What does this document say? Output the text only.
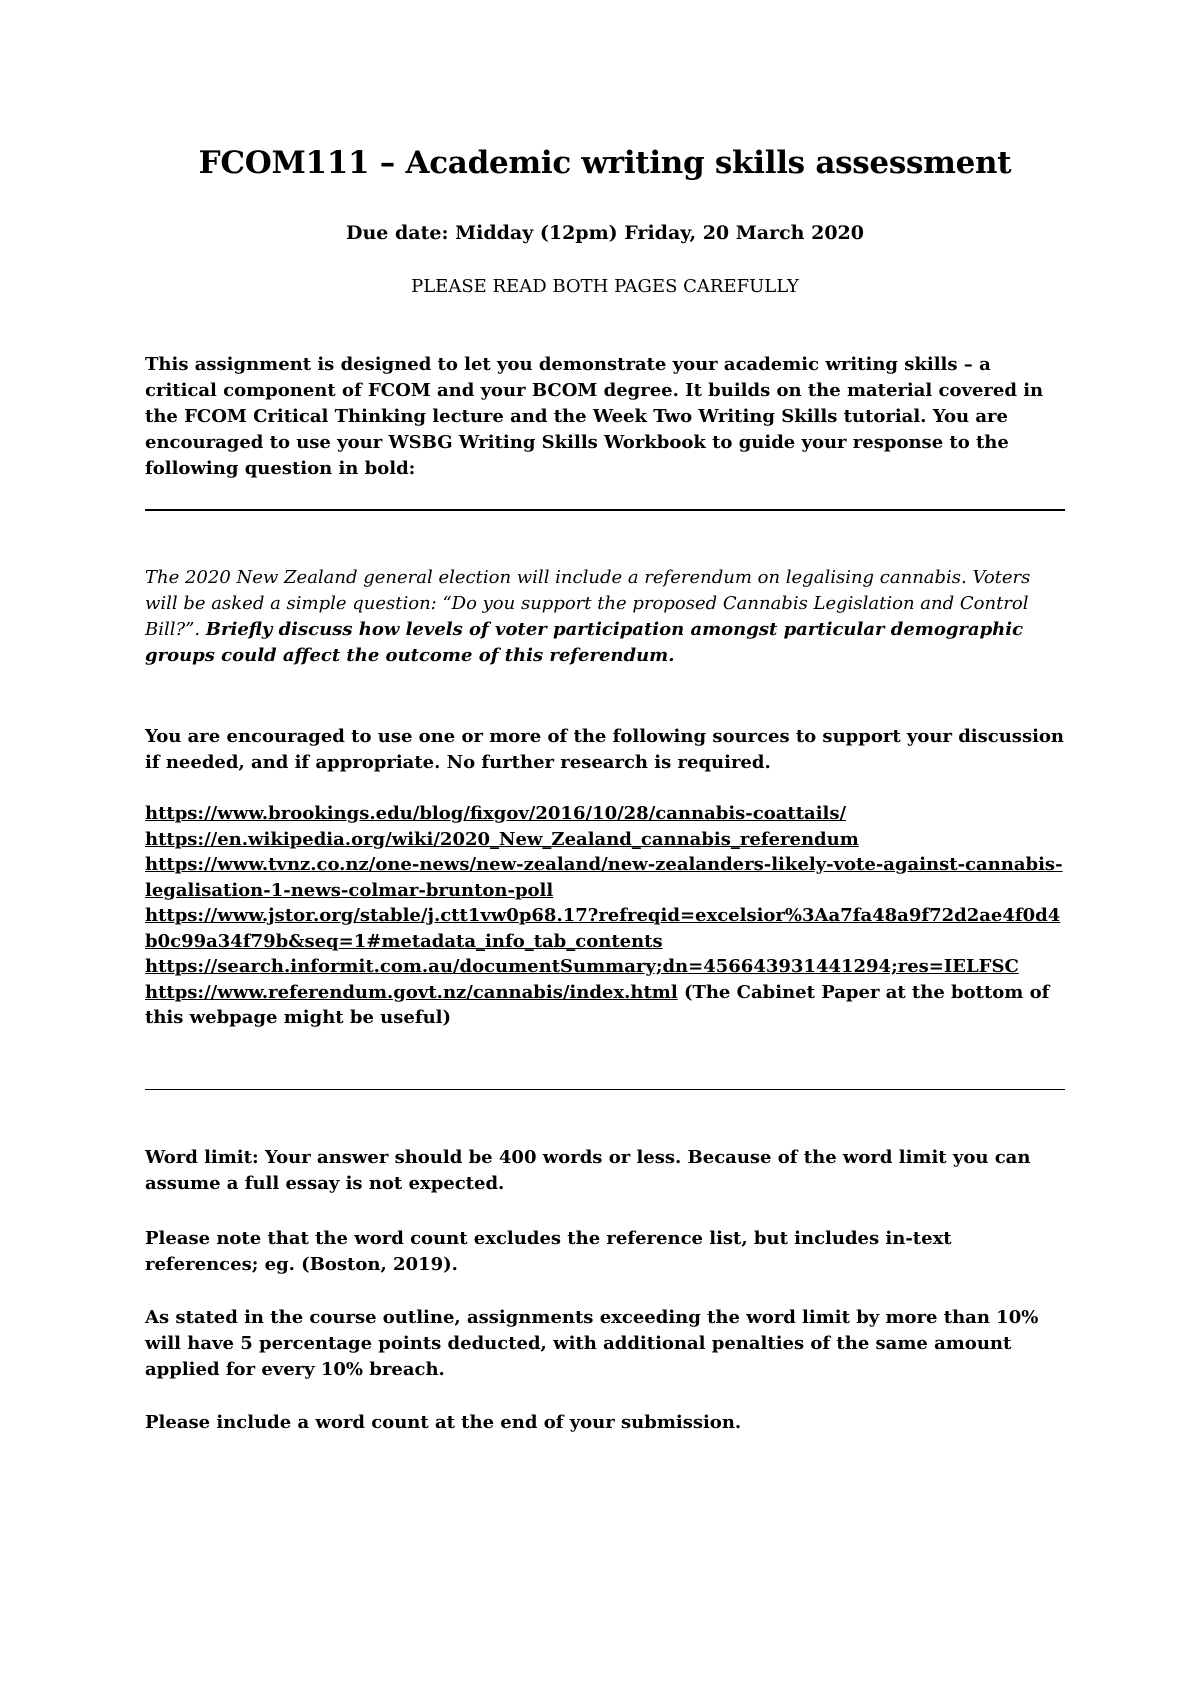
FCOM111 – Academic writing skills assessment

Due date: Midday (12pm) Friday, 20 March 2020

PLEASE READ BOTH PAGES CAREFULLY

This assignment is designed to let you demonstrate your academic writing skills – a critical component of FCOM and your BCOM degree. It builds on the material covered in the FCOM Critical Thinking lecture and the Week Two Writing Skills tutorial. You are encouraged to use your WSBG Writing Skills Workbook to guide your response to the following question in bold:

The 2020 New Zealand general election will include a referendum on legalising cannabis. Voters will be asked a simple question: “Do you support the proposed Cannabis Legislation and Control Bill?”. Briefly discuss how levels of voter participation amongst particular demographic groups could affect the outcome of this referendum.

You are encouraged to use one or more of the following sources to support your discussion if needed, and if appropriate. No further research is required.

https://www.brookings.edu/blog/fixgov/2016/10/28/cannabis-coattails/
https://en.wikipedia.org/wiki/2020_New_Zealand_cannabis_referendum
https://www.tvnz.co.nz/one-news/new-zealand/new-zealanders-likely-vote-against-cannabis-legalisation-1-news-colmar-brunton-poll
https://www.jstor.org/stable/j.ctt1vw0p68.17?refreqid=excelsior%3Aa7fa48a9f72d2ae4f0d4b0c99a34f79b&seq=1#metadata_info_tab_contents
https://search.informit.com.au/documentSummary;dn=456643931441294;res=IELFSC
https://www.referendum.govt.nz/cannabis/index.html (The Cabinet Paper at the bottom of this webpage might be useful)

Word limit: Your answer should be 400 words or less. Because of the word limit you can assume a full essay is not expected.

Please note that the word count excludes the reference list, but includes in-text references; eg. (Boston, 2019).

As stated in the course outline, assignments exceeding the word limit by more than 10% will have 5 percentage points deducted, with additional penalties of the same amount applied for every 10% breach.

Please include a word count at the end of your submission.
